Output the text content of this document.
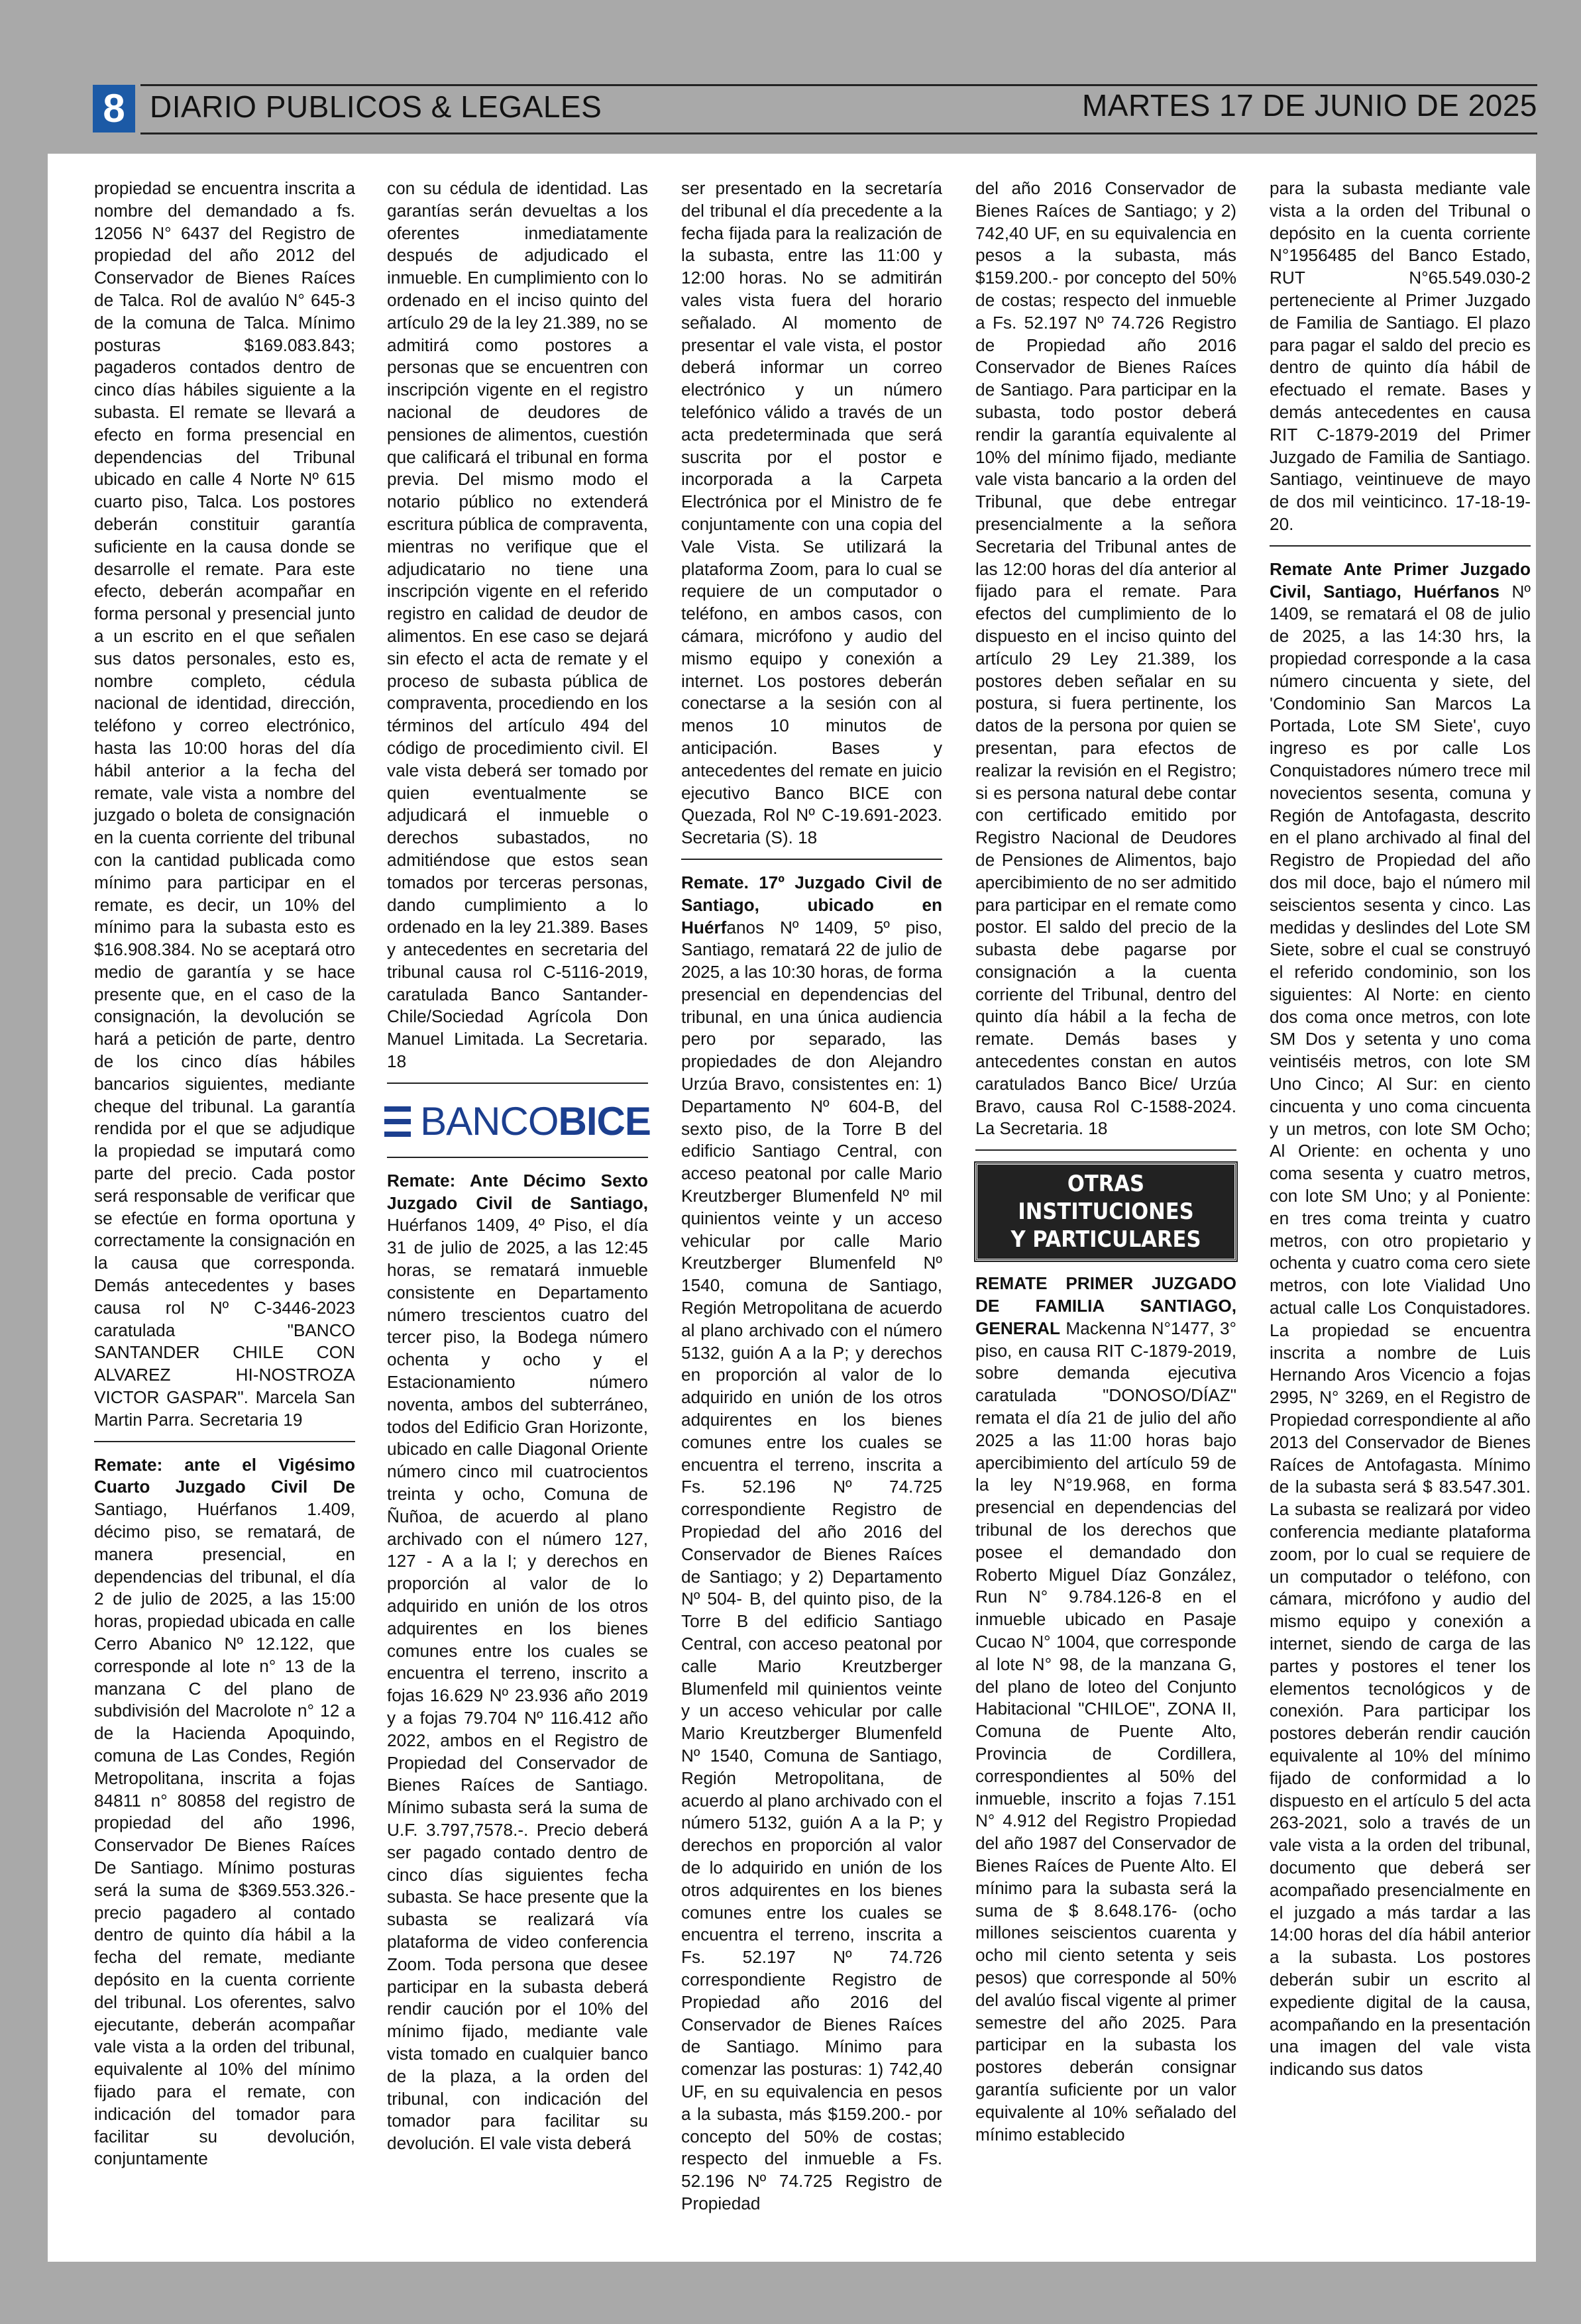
8 DIARIO PUBLICOS & LEGALES	MARTES 17 DE JUNIO DE 2025

propiedad se encuentra inscrita a nombre del demandado a fs. 12056 N° 6437 del Registro de propiedad del año 2012 del Conservador de Bienes Raíces de Talca. Rol de avalúo N° 645-3 de la comuna de Talca. Mínimo posturas $169.083.843; pagaderos contados dentro de cinco días hábiles siguiente a la subasta. El remate se llevará a efecto en forma presencial en dependencias del Tribunal ubicado en calle 4 Norte Nº 615 cuarto piso, Talca. Los postores deberán constituir garantía suficiente en la causa donde se desarrolle el remate. Para este efecto, deberán acompañar en forma personal y presencial junto a un escrito en el que señalen sus datos personales, esto es, nombre completo, cédula nacional de identidad, dirección, teléfono y correo electrónico, hasta las 10:00 horas del día hábil anterior a la fecha del remate, vale vista a nombre del juzgado o boleta de consignación en la cuenta corriente del tribunal con la cantidad publicada como mínimo para participar en el remate, es decir, un 10% del mínimo para la subasta esto es $16.908.384. No se aceptará otro medio de garantía y se hace presente que, en el caso de la consignación, la devolución se hará a petición de parte, dentro de los cinco días hábiles bancarios siguientes, mediante cheque del tribunal. La garantía rendida por el que se adjudique la propiedad se imputará como parte del precio. Cada postor será responsable de verificar que se efectúe en forma oportuna y correctamente la consignación en la causa que corresponda. Demás antecedentes y bases causa rol Nº C-3446-2023 caratulada "BANCO SANTANDER CHILE CON ALVAREZ HI-NOSTROZA VICTOR GASPAR". Marcela San Martin Parra. Secretaria 19

Remate: ante el Vigésimo Cuarto Juzgado Civil De Santiago, Huérfanos 1.409, décimo piso, se rematará, de manera presencial, en dependencias del tribunal, el día 2 de julio de 2025, a las 15:00 horas, propiedad ubicada en calle Cerro Abanico Nº 12.122, que corresponde al lote n° 13 de la manzana C del plano de subdivisión del Macrolote n° 12 a de la Hacienda Apoquindo, comuna de Las Condes, Región Metropolitana, inscrita a fojas 84811 n° 80858 del registro de propiedad del año 1996, Conservador De Bienes Raíces De Santiago. Mínimo posturas será la suma de $369.553.326.- precio pagadero al contado dentro de quinto día hábil a la fecha del remate, mediante depósito en la cuenta corriente del tribunal. Los oferentes, salvo ejecutante, deberán acompañar vale vista a la orden del tribunal, equivalente al 10% del mínimo fijado para el remate, con indicación del tomador para facilitar su devolución, conjuntamente

con su cédula de identidad. Las garantías serán devueltas a los oferentes inmediatamente después de adjudicado el inmueble. En cumplimiento con lo ordenado en el inciso quinto del artículo 29 de la ley 21.389, no se admitirá como postores a personas que se encuentren con inscripción vigente en el registro nacional de deudores de pensiones de alimentos, cuestión que calificará el tribunal en forma previa. Del mismo modo el notario público no extenderá escritura pública de compraventa, mientras no verifique que el adjudicatario no tiene una inscripción vigente en el referido registro en calidad de deudor de alimentos. En ese caso se dejará sin efecto el acta de remate y el proceso de subasta pública de compraventa, procediendo en los términos del artículo 494 del código de procedimiento civil. El vale vista deberá ser tomado por quien eventualmente se adjudicará el inmueble o derechos subastados, no admitiéndose que estos sean tomados por terceras personas, dando cumplimiento a lo ordenado en la ley 21.389. Bases y antecedentes en secretaria del tribunal causa rol C-5116-2019, caratulada Banco Santander- Chile/Sociedad Agrícola Don Manuel Limitada. La Secretaria. 18

BANCOBICE

Remate: Ante Décimo Sexto Juzgado Civil de Santiago, Huérfanos 1409, 4º Piso, el día 31 de julio de 2025, a las 12:45 horas, se rematará inmueble consistente en Departamento número trescientos cuatro del tercer piso, la Bodega número ochenta y ocho y el Estacionamiento número noventa, ambos del subterráneo, todos del Edificio Gran Horizonte, ubicado en calle Diagonal Oriente número cinco mil cuatrocientos treinta y ocho, Comuna de Ñuñoa, de acuerdo al plano archivado con el número 127, 127 - A a la I; y derechos en proporción al valor de lo adquirido en unión de los otros adquirentes en los bienes comunes entre los cuales se encuentra el terreno, inscrito a fojas 16.629 Nº 23.936 año 2019 y a fojas 79.704 Nº 116.412 año 2022, ambos en el Registro de Propiedad del Conservador de Bienes Raíces de Santiago. Mínimo subasta será la suma de U.F. 3.797,7578.-. Precio deberá ser pagado contado dentro de cinco días siguientes fecha subasta. Se hace presente que la subasta se realizará vía plataforma de video conferencia Zoom. Toda persona que desee participar en la subasta deberá rendir caución por el 10% del mínimo fijado, mediante vale vista tomado en cualquier banco de la plaza, a la orden del tribunal, con indicación del tomador para facilitar su devolución. El vale vista deberá

ser presentado en la secretaría del tribunal el día precedente a la fecha fijada para la realización de la subasta, entre las 11:00 y 12:00 horas. No se admitirán vales vista fuera del horario señalado. Al momento de presentar el vale vista, el postor deberá informar un correo electrónico y un número telefónico válido a través de un acta predeterminada que será suscrita por el postor e incorporada a la Carpeta Electrónica por el Ministro de fe conjuntamente con una copia del Vale Vista. Se utilizará la plataforma Zoom, para lo cual se requiere de un computador o teléfono, en ambos casos, con cámara, micrófono y audio del mismo equipo y conexión a internet. Los postores deberán conectarse a la sesión con al menos 10 minutos de anticipación. Bases y antecedentes del remate en juicio ejecutivo Banco BICE con Quezada, Rol Nº C-19.691-2023. Secretaria (S). 18

Remate. 17º Juzgado Civil de Santiago, ubicado en Huérfanos Nº 1409, 5º piso, Santiago, rematará 22 de julio de 2025, a las 10:30 horas, de forma presencial en dependencias del tribunal, en una única audiencia pero por separado, las propiedades de don Alejandro Urzúa Bravo, consistentes en: 1) Departamento Nº 604-B, del sexto piso, de la Torre B del edificio Santiago Central, con acceso peatonal por calle Mario Kreutzberger Blumenfeld Nº mil quinientos veinte y un acceso vehicular por calle Mario Kreutzberger Blumenfeld Nº 1540, comuna de Santiago, Región Metropolitana de acuerdo al plano archivado con el número 5132, guión A a la P; y derechos en proporción al valor de lo adquirido en unión de los otros adquirentes en los bienes comunes entre los cuales se encuentra el terreno, inscrita a Fs. 52.196 Nº 74.725 correspondiente Registro de Propiedad del año 2016 del Conservador de Bienes Raíces de Santiago; y 2) Departamento Nº 504- B, del quinto piso, de la Torre B del edificio Santiago Central, con acceso peatonal por calle Mario Kreutzberger Blumenfeld mil quinientos veinte y un acceso vehicular por calle Mario Kreutzberger Blumenfeld Nº 1540, Comuna de Santiago, Región Metropolitana, de acuerdo al plano archivado con el número 5132, guión A a la P; y derechos en proporción al valor de lo adquirido en unión de los otros adquirentes en los bienes comunes entre los cuales se encuentra el terreno, inscrita a Fs. 52.197 Nº 74.726 correspondiente Registro de Propiedad año 2016 del Conservador de Bienes Raíces de Santiago. Mínimo para comenzar las posturas: 1) 742,40 UF, en su equivalencia en pesos a la subasta, más $159.200.- por concepto del 50% de costas; respecto del inmueble a Fs. 52.196 Nº 74.725 Registro de Propiedad

del año 2016 Conservador de Bienes Raíces de Santiago; y 2) 742,40 UF, en su equivalencia en pesos a la subasta, más $159.200.- por concepto del 50% de costas; respecto del inmueble a Fs. 52.197 Nº 74.726 Registro de Propiedad año 2016 Conservador de Bienes Raíces de Santiago. Para participar en la subasta, todo postor deberá rendir la garantía equivalente al 10% del mínimo fijado, mediante vale vista bancario a la orden del Tribunal, que debe entregar presencialmente a la señora Secretaria del Tribunal antes de las 12:00 horas del día anterior al fijado para el remate. Para efectos del cumplimiento de lo dispuesto en el inciso quinto del artículo 29 Ley 21.389, los postores deben señalar en su postura, si fuera pertinente, los datos de la persona por quien se presentan, para efectos de realizar la revisión en el Registro; si es persona natural debe contar con certificado emitido por Registro Nacional de Deudores de Pensiones de Alimentos, bajo apercibimiento de no ser admitido para participar en el remate como postor. El saldo del precio de la subasta debe pagarse por consignación a la cuenta corriente del Tribunal, dentro del quinto día hábil a la fecha de remate. Demás bases y antecedentes constan en autos caratulados Banco Bice/ Urzúa Bravo, causa Rol C-1588-2024. La Secretaria. 18

OTRAS INSTITUCIONES
Y PARTICULARES

REMATE PRIMER JUZGADO DE FAMILIA SANTIAGO, GENERAL Mackenna N°1477, 3° piso, en causa RIT C-1879-2019, sobre demanda ejecutiva caratulada "DONOSO/DÍAZ" remata el día 21 de julio del año 2025 a las 11:00 horas bajo apercibimiento del artículo 59 de la ley N°19.968, en forma presencial en dependencias del tribunal de los derechos que posee el demandado don Roberto Miguel Díaz González, Run N° 9.784.126-8 en el inmueble ubicado en Pasaje Cucao N° 1004, que corresponde al lote N° 98, de la manzana G, del plano de loteo del Conjunto Habitacional "CHILOE", ZONA II, Comuna de Puente Alto, Provincia de Cordillera, correspondientes al 50% del inmueble, inscrito a fojas 7.151 N° 4.912 del Registro Propiedad del año 1987 del Conservador de Bienes Raíces de Puente Alto. El mínimo para la subasta será la suma de $ 8.648.176- (ocho millones seiscientos cuarenta y ocho mil ciento setenta y seis pesos) que corresponde al 50% del avalúo fiscal vigente al primer semestre del año 2025. Para participar en la subasta los postores deberán consignar garantía suficiente por un valor equivalente al 10% señalado del mínimo establecido

para la subasta mediante vale vista a la orden del Tribunal o depósito en la cuenta corriente N°1956485 del Banco Estado, RUT N°65.549.030-2 perteneciente al Primer Juzgado de Familia de Santiago. El plazo para pagar el saldo del precio es dentro de quinto día hábil de efectuado el remate. Bases y demás antecedentes en causa RIT C-1879-2019 del Primer Juzgado de Familia de Santiago. Santiago, veintinueve de mayo de dos mil veinticinco. 17-18-19-20.

Remate Ante Primer Juzgado Civil, Santiago, Huérfanos Nº 1409, se rematará el 08 de julio de 2025, a las 14:30 hrs, la propiedad corresponde a la casa número cincuenta y siete, del 'Condominio San Marcos La Portada, Lote SM Siete', cuyo ingreso es por calle Los Conquistadores número trece mil novecientos sesenta, comuna y Región de Antofagasta, descrito en el plano archivado al final del Registro de Propiedad del año dos mil doce, bajo el número mil seiscientos sesenta y cinco. Las medidas y deslindes del Lote SM Siete, sobre el cual se construyó el referido condominio, son los siguientes: Al Norte: en ciento dos coma once metros, con lote SM Dos y setenta y uno coma veintiséis metros, con lote SM Uno Cinco; Al Sur: en ciento cincuenta y uno coma cincuenta y un metros, con lote SM Ocho; Al Oriente: en ochenta y uno coma sesenta y cuatro metros, con lote SM Uno; y al Poniente: en tres coma treinta y cuatro metros, con otro propietario y ochenta y cuatro coma cero siete metros, con lote Vialidad Uno actual calle Los Conquistadores. La propiedad se encuentra inscrita a nombre de Luis Hernando Aros Vicencio a fojas 2995, N° 3269, en el Registro de Propiedad correspondiente al año 2013 del Conservador de Bienes Raíces de Antofagasta. Mínimo de la subasta será $ 83.547.301. La subasta se realizará por video conferencia mediante plataforma zoom, por lo cual se requiere de un computador o teléfono, con cámara, micrófono y audio del mismo equipo y conexión a internet, siendo de carga de las partes y postores el tener los elementos tecnológicos y de conexión. Para participar los postores deberán rendir caución equivalente al 10% del mínimo fijado de conformidad a lo dispuesto en el artículo 5 del acta 263-2021, solo a través de un vale vista a la orden del tribunal, documento que deberá ser acompañado presencialmente en el juzgado a más tardar a las 14:00 horas del día hábil anterior a la subasta. Los postores deberán subir un escrito al expediente digital de la causa, acompañando en la presentación una imagen del vale vista indicando sus datos
